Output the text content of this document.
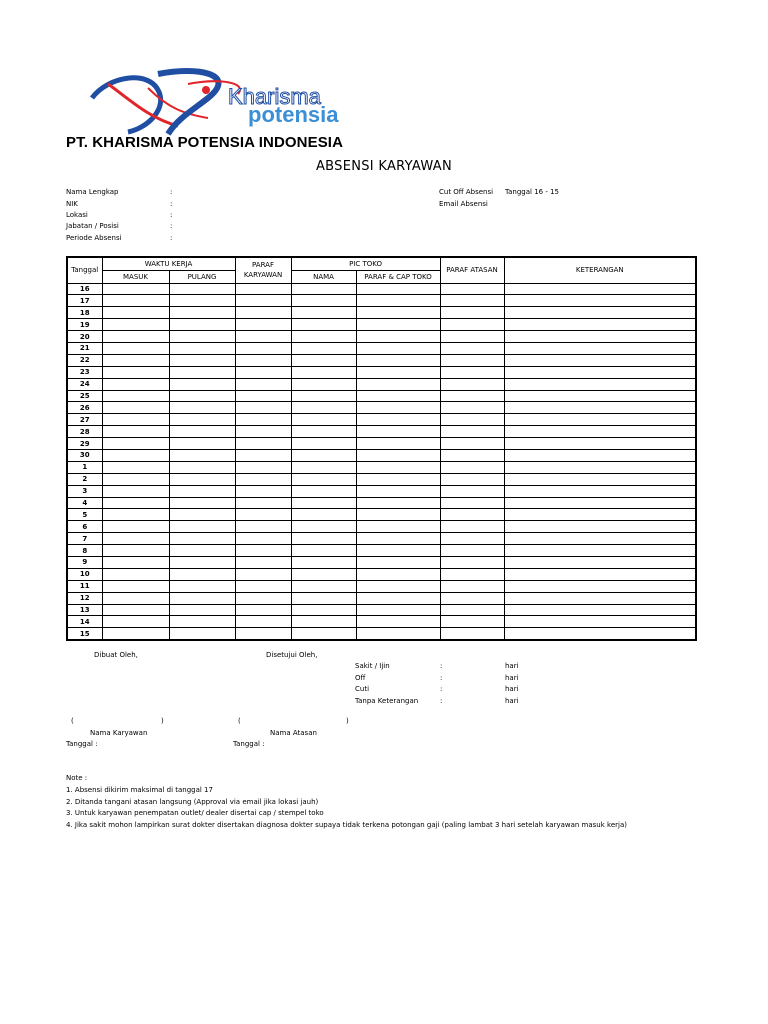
Kharisma
potensia
PT. KHARISMA POTENSIA INDONESIA
ABSENSI KARYAWAN
Nama Lengkap	:
NIK	:
Lokasi	:
Jabatan / Posisi	:
Periode Absensi	:
Cut Off Absensi Tanggal 16 - 15
Email Absensi
Tanggal	WAKTU KERJA		PARAF KARYAWAN	PIC TOKO		PARAF ATASAN	KETERANGAN
	MASUK	PULANG		NAMA	PARAF & CAP TOKO		
16							
17							
18							
19							
20							
21							
22							
23							
24							
25							
26							
27							
28							
29							
30							
1							
2							
3							
4							
5							
6							
7							
8							
9							
10							
11							
12							
13							
14							
15							
Dibuat Oleh,	Disetujui Oleh,
Sakit / Ijin	:	hari
Off	:	hari
Cuti	:	hari
Tanpa Keterangan	:	hari
(	)	(	)
Nama Karyawan	Nama Atasan
Tanggal :	Tanggal :
Note :
1. Absensi dikirim maksimal di tanggal 17
2. Ditanda tangani atasan langsung (Approval via email jika lokasi jauh)
3. Untuk karyawan penempatan outlet/ dealer disertai cap / stempel toko
4. Jika sakit mohon lampirkan surat dokter disertakan diagnosa dokter supaya tidak terkena potongan gaji (paling lambat 3 hari setelah karyawan masuk kerja)
